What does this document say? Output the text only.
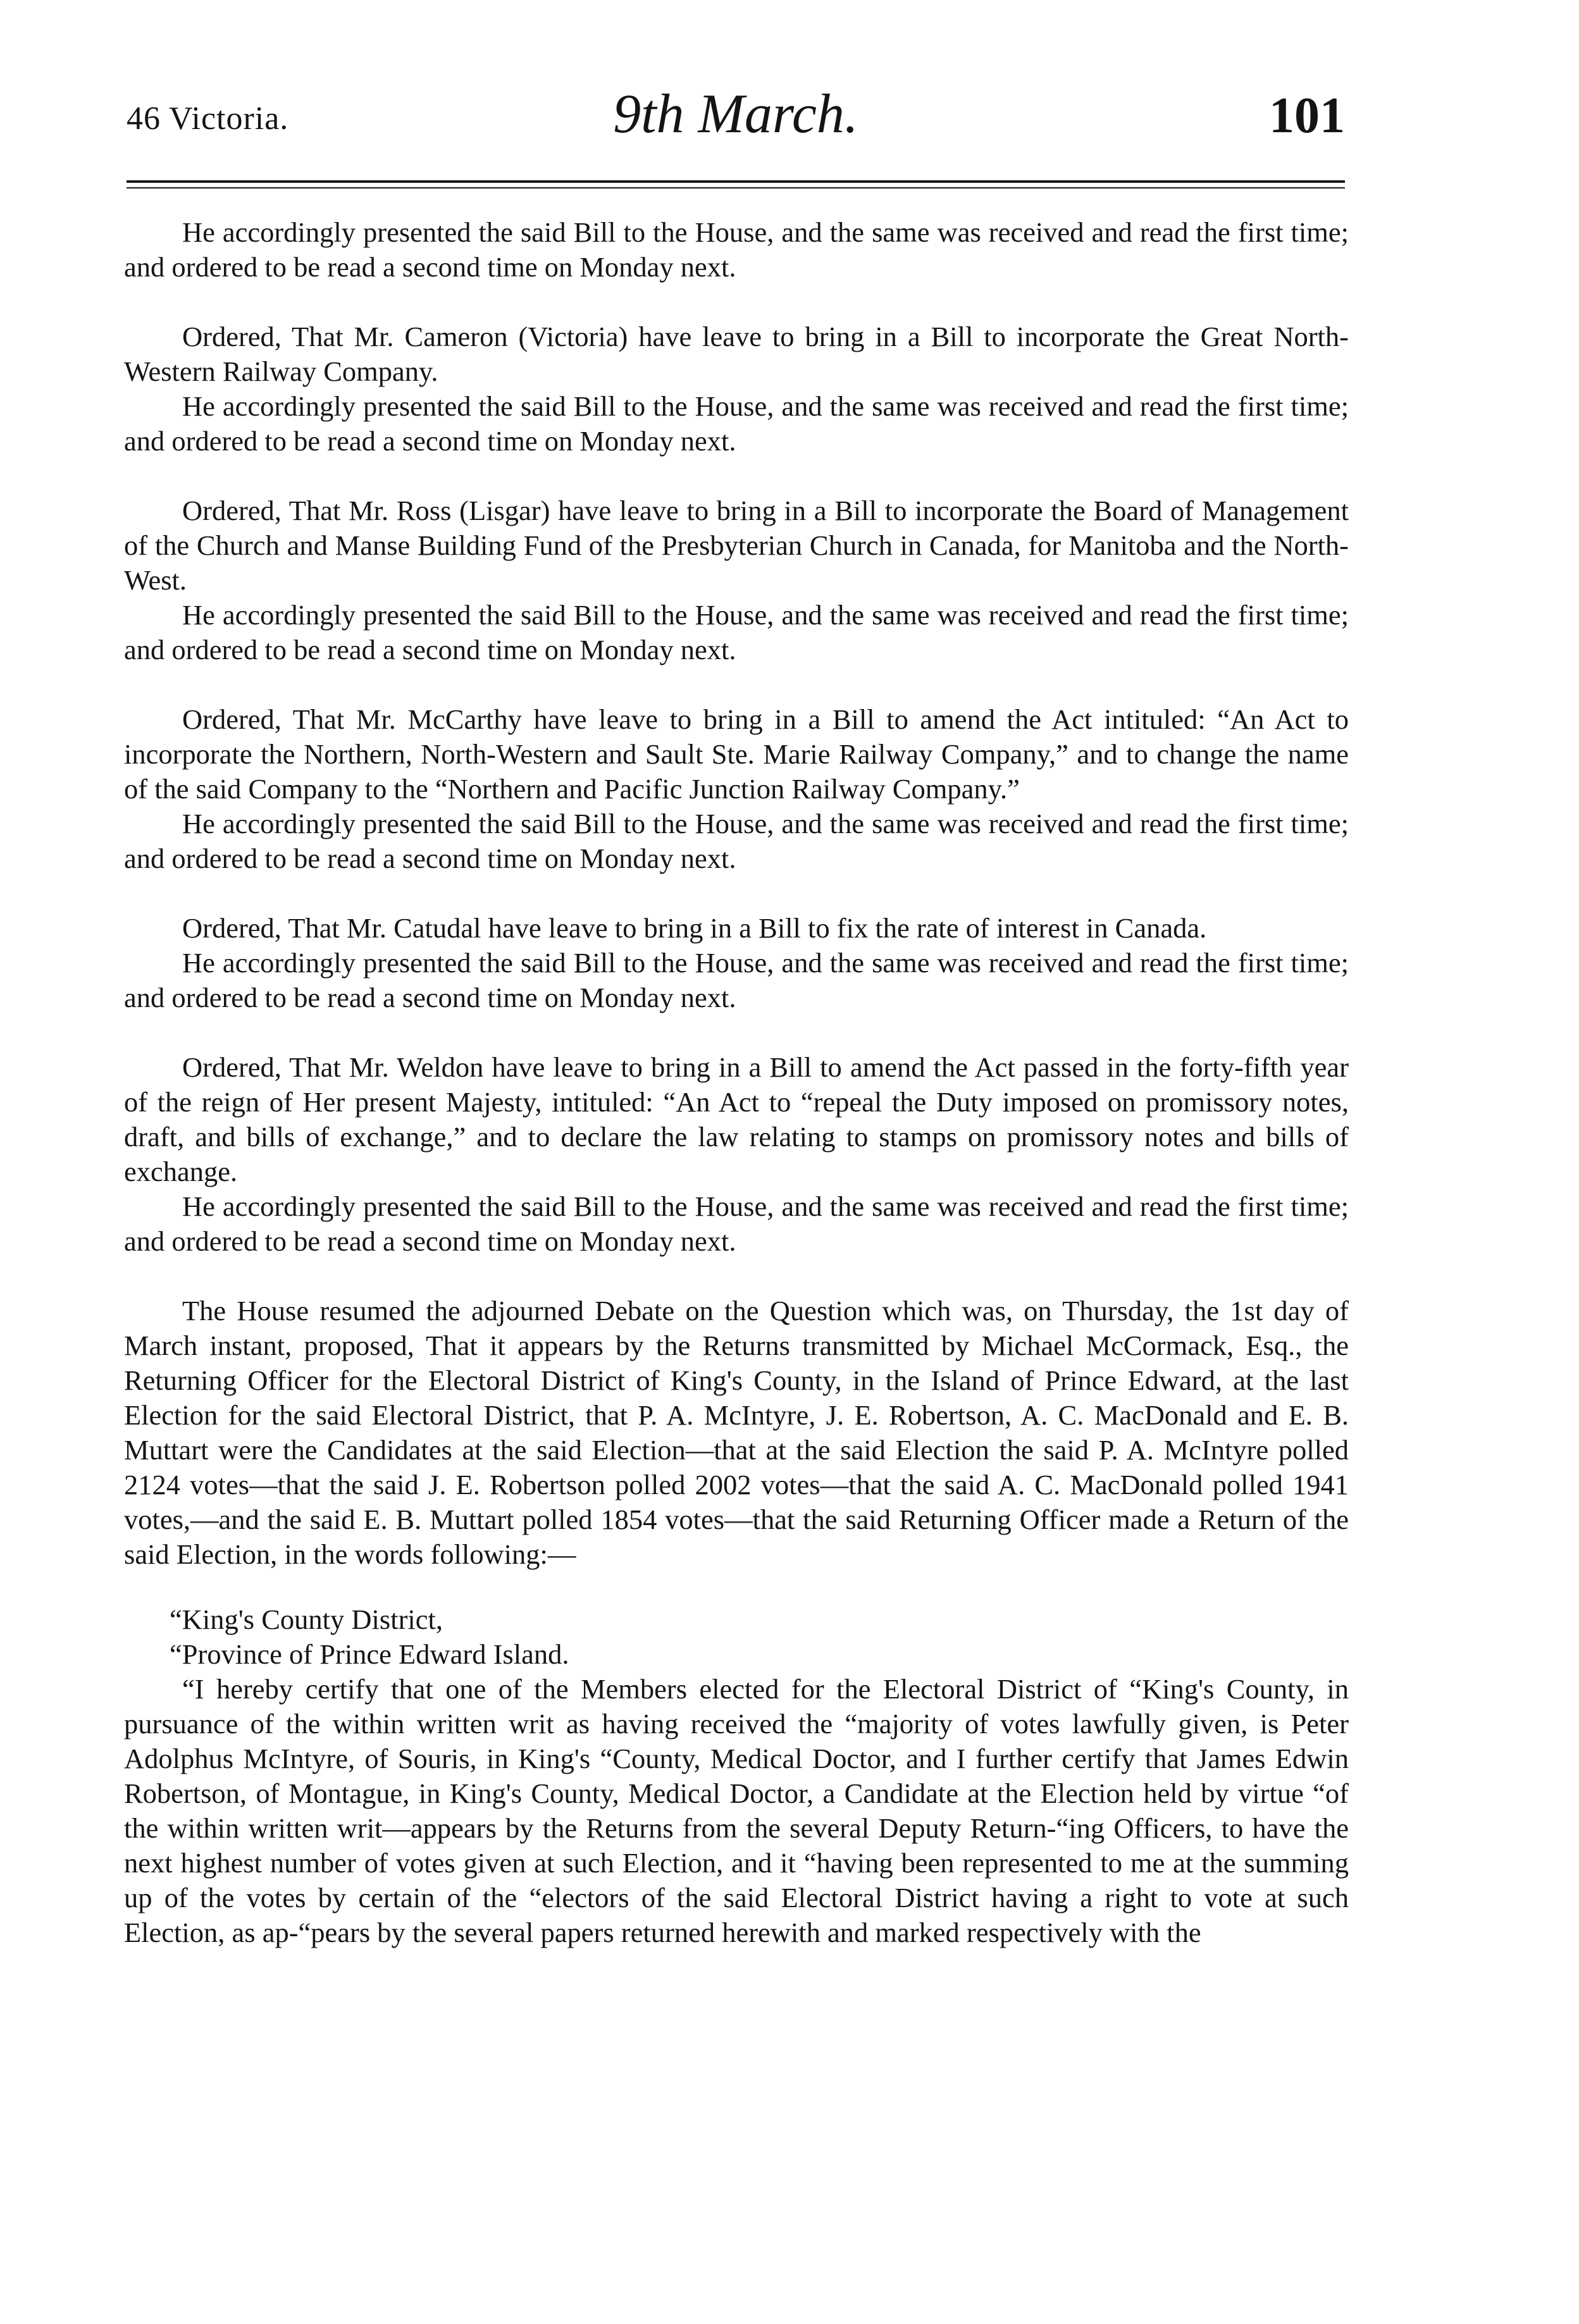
46 Victoria.	9th March.	101

He accordingly presented the said Bill to the House, and the same was received and read the first time; and ordered to be read a second time on Monday next.

Ordered, That Mr. Cameron (Victoria) have leave to bring in a Bill to incorporate the Great North-Western Railway Company.

He accordingly presented the said Bill to the House, and the same was received and read the first time; and ordered to be read a second time on Monday next.

Ordered, That Mr. Ross (Lisgar) have leave to bring in a Bill to incorporate the Board of Management of the Church and Manse Building Fund of the Presbyterian Church in Canada, for Manitoba and the North-West.

He accordingly presented the said Bill to the House, and the same was received and read the first time; and ordered to be read a second time on Monday next.

Ordered, That Mr. McCarthy have leave to bring in a Bill to amend the Act intituled: “An Act to incorporate the Northern, North-Western and Sault Ste. Marie Railway Company,” and to change the name of the said Company to the “Northern and Pacific Junction Railway Company.”

He accordingly presented the said Bill to the House, and the same was received and read the first time; and ordered to be read a second time on Monday next.

Ordered, That Mr. Catudal have leave to bring in a Bill to fix the rate of interest in Canada.

He accordingly presented the said Bill to the House, and the same was received and read the first time; and ordered to be read a second time on Monday next.

Ordered, That Mr. Weldon have leave to bring in a Bill to amend the Act passed in the forty-fifth year of the reign of Her present Majesty, intituled: “An Act to “repeal the Duty imposed on promissory notes, draft, and bills of exchange,” and to declare the law relating to stamps on promissory notes and bills of exchange.

He accordingly presented the said Bill to the House, and the same was received and read the first time; and ordered to be read a second time on Monday next.

The House resumed the adjourned Debate on the Question which was, on Thursday, the 1st day of March instant, proposed, That it appears by the Returns transmitted by Michael McCormack, Esq., the Returning Officer for the Electoral District of King's County, in the Island of Prince Edward, at the last Election for the said Electoral District, that P. A. McIntyre, J. E. Robertson, A. C. MacDonald and E. B. Muttart were the Candidates at the said Election—that at the said Election the said P. A. McIntyre polled 2124 votes—that the said J. E. Robertson polled 2002 votes—that the said A. C. MacDonald polled 1941 votes,—and the said E. B. Muttart polled 1854 votes—that the said Returning Officer made a Return of the said Election, in the words following:—

“King's County District,
“Province of Prince Edward Island.

“I hereby certify that one of the Members elected for the Electoral District of “King's County, in pursuance of the within written writ as having received the “majority of votes lawfully given, is Peter Adolphus McIntyre, of Souris, in King's “County, Medical Doctor, and I further certify that James Edwin Robertson, of Montague, in King's County, Medical Doctor, a Candidate at the Election held by virtue “of the within written writ—appears by the Returns from the several Deputy Return-“ing Officers, to have the next highest number of votes given at such Election, and it “having been represented to me at the summing up of the votes by certain of the “electors of the said Electoral District having a right to vote at such Election, as ap-“pears by the several papers returned herewith and marked respectively with the
